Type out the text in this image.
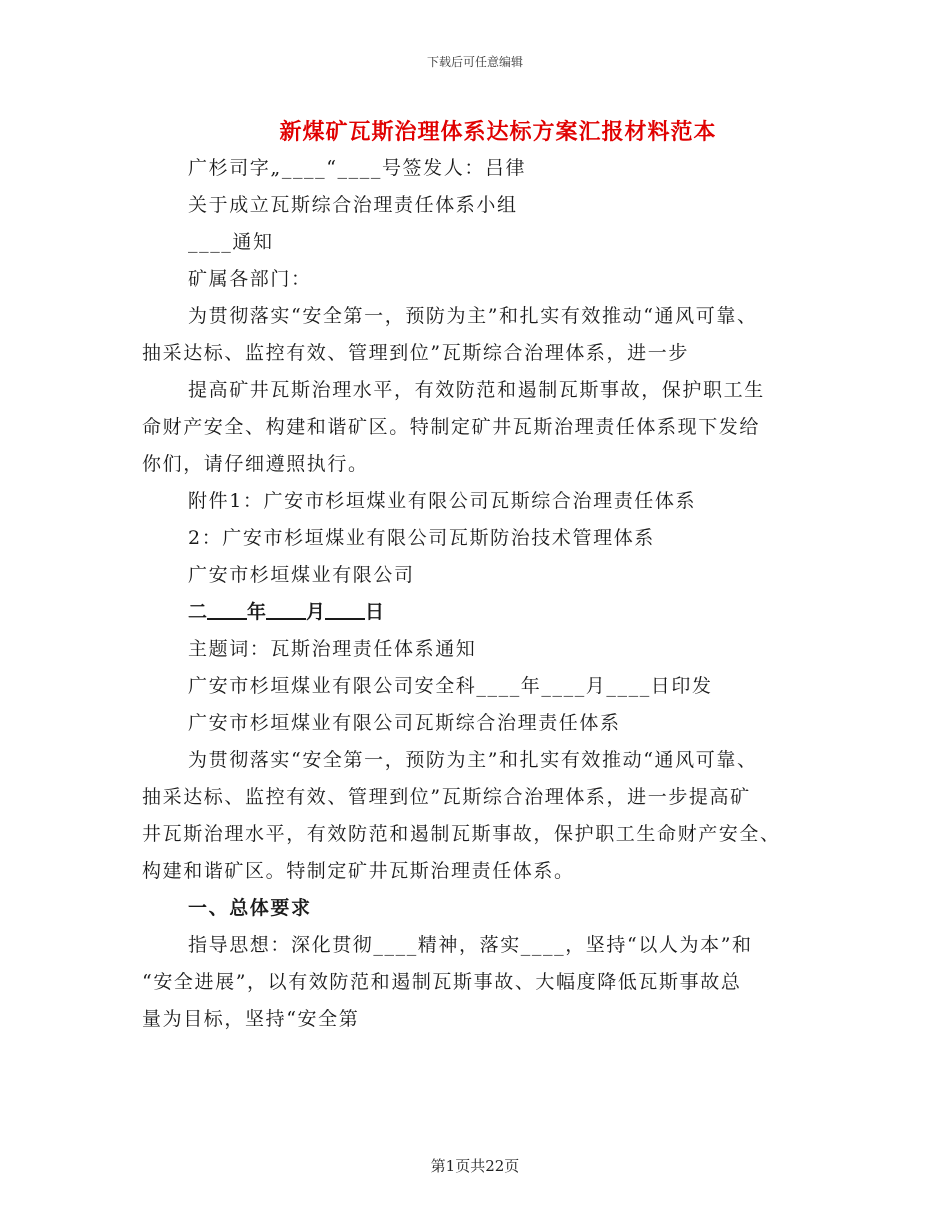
下载后可任意编辑
新煤矿瓦斯治理体系达标方案汇报材料范本
广杉司字„____“____号签发人：吕律
关于成立瓦斯综合治理责任体系小组
____通知
矿属各部门：
为贯彻落实“安全第一，预防为主”和扎实有效推动“通风可靠、
抽采达标、监控有效、管理到位”瓦斯综合治理体系，进一步
提高矿井瓦斯治理水平，有效防范和遏制瓦斯事故，保护职工生
命财产安全、构建和谐矿区。特制定矿井瓦斯治理责任体系现下发给
你们，请仔细遵照执行。
附件1：广安市杉垣煤业有限公司瓦斯综合治理责任体系
2：广安市杉垣煤业有限公司瓦斯防治技术管理体系
广安市杉垣煤业有限公司
二 年 月 日
主题词：瓦斯治理责任体系通知
广安市杉垣煤业有限公司安全科____年____月____日印发
广安市杉垣煤业有限公司瓦斯综合治理责任体系
为贯彻落实“安全第一，预防为主”和扎实有效推动“通风可靠、
抽采达标、监控有效、管理到位”瓦斯综合治理体系，进一步提高矿
井瓦斯治理水平，有效防范和遏制瓦斯事故，保护职工生命财产安全、
构建和谐矿区。特制定矿井瓦斯治理责任体系。
一、总体要求
指导思想：深化贯彻____精神，落实____，坚持“以人为本”和
“安全进展”，以有效防范和遏制瓦斯事故、大幅度降低瓦斯事故总
量为目标，坚持“安全第
第1页共22页
